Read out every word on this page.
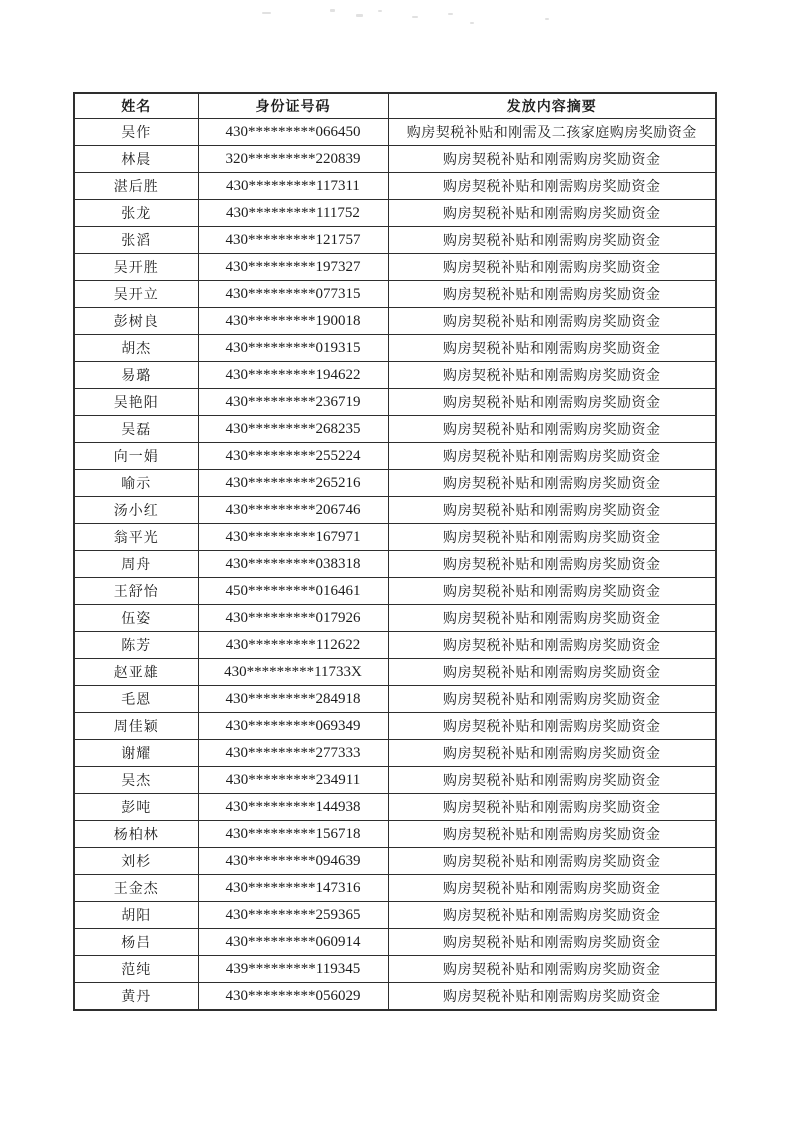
姓名	身份证号码	发放内容摘要
吴作	430*********066450	购房契税补贴和刚需及二孩家庭购房奖励资金
林晨	320*********220839	购房契税补贴和刚需购房奖励资金
湛后胜	430*********117311	购房契税补贴和刚需购房奖励资金
张龙	430*********111752	购房契税补贴和刚需购房奖励资金
张滔	430*********121757	购房契税补贴和刚需购房奖励资金
吴开胜	430*********197327	购房契税补贴和刚需购房奖励资金
吴开立	430*********077315	购房契税补贴和刚需购房奖励资金
彭树良	430*********190018	购房契税补贴和刚需购房奖励资金
胡杰	430*********019315	购房契税补贴和刚需购房奖励资金
易璐	430*********194622	购房契税补贴和刚需购房奖励资金
吴艳阳	430*********236719	购房契税补贴和刚需购房奖励资金
吴磊	430*********268235	购房契税补贴和刚需购房奖励资金
向一娟	430*********255224	购房契税补贴和刚需购房奖励资金
喻示	430*********265216	购房契税补贴和刚需购房奖励资金
汤小红	430*********206746	购房契税补贴和刚需购房奖励资金
翁平光	430*********167971	购房契税补贴和刚需购房奖励资金
周舟	430*********038318	购房契税补贴和刚需购房奖励资金
王舒怡	450*********016461	购房契税补贴和刚需购房奖励资金
伍姿	430*********017926	购房契税补贴和刚需购房奖励资金
陈芳	430*********112622	购房契税补贴和刚需购房奖励资金
赵亚雄	430*********11733X	购房契税补贴和刚需购房奖励资金
毛恩	430*********284918	购房契税补贴和刚需购房奖励资金
周佳颖	430*********069349	购房契税补贴和刚需购房奖励资金
谢耀	430*********277333	购房契税补贴和刚需购房奖励资金
吴杰	430*********234911	购房契税补贴和刚需购房奖励资金
彭吨	430*********144938	购房契税补贴和刚需购房奖励资金
杨柏林	430*********156718	购房契税补贴和刚需购房奖励资金
刘杉	430*********094639	购房契税补贴和刚需购房奖励资金
王金杰	430*********147316	购房契税补贴和刚需购房奖励资金
胡阳	430*********259365	购房契税补贴和刚需购房奖励资金
杨吕	430*********060914	购房契税补贴和刚需购房奖励资金
范纯	439*********119345	购房契税补贴和刚需购房奖励资金
黄丹	430*********056029	购房契税补贴和刚需购房奖励资金
